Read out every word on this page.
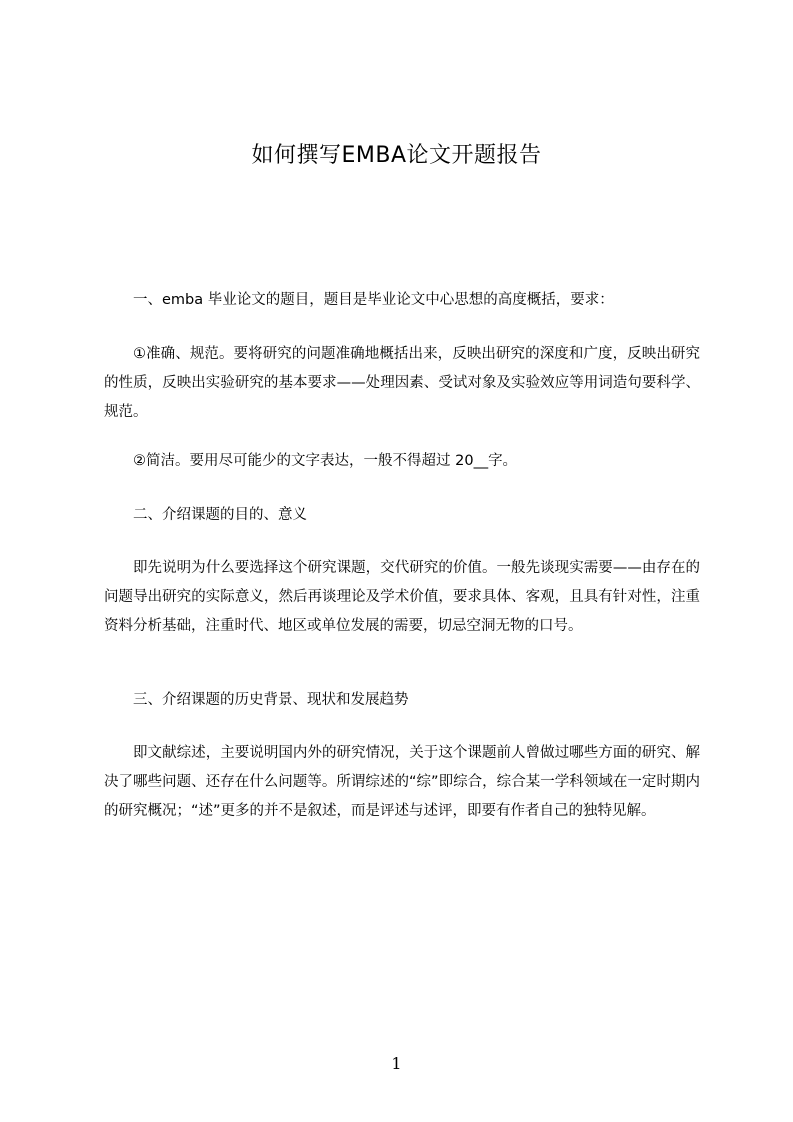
如何撰写EMBA论文开题报告
一、emba 毕业论文的题目，题目是毕业论文中心思想的高度概括，要求：
①准确、规范。要将研究的问题准确地概括出来，反映出研究的深度和广度，反映出研究的性质，反映出实验研究的基本要求——处理因素、受试对象及实验效应等用词造句要科学、规范。
②简洁。要用尽可能少的文字表达，一般不得超过 20__字。
二、介绍课题的目的、意义
即先说明为什么要选择这个研究课题，交代研究的价值。一般先谈现实需要——由存在的问题导出研究的实际意义，然后再谈理论及学术价值，要求具体、客观，且具有针对性，注重资料分析基础，注重时代、地区或单位发展的需要，切忌空洞无物的口号。
三、介绍课题的历史背景、现状和发展趋势
即文献综述，主要说明国内外的研究情况，关于这个课题前人曾做过哪些方面的研究、解决了哪些问题、还存在什么问题等。所谓综述的“综”即综合，综合某一学科领域在一定时期内的研究概况；“述”更多的并不是叙述，而是评述与述评，即要有作者自己的独特见解。
1
